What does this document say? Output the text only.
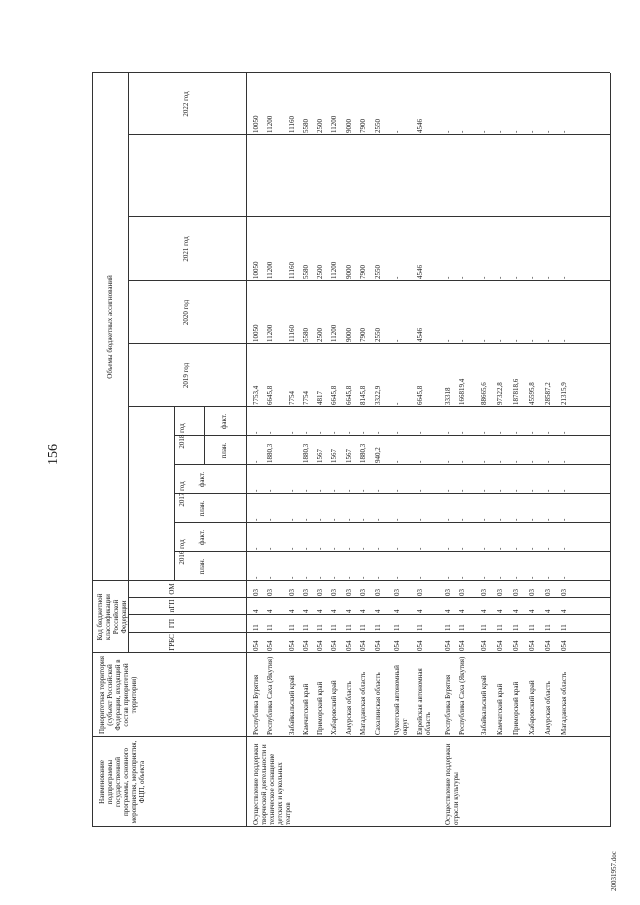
156
20031957.doc
Наименование подпрограммы государственной программы, основного мероприятия, мероприятия, ФЦП, объекта
Приоритетная территория (субъект Российской Федерации, входящий в состав приоритетной территории)
Код бюджетной классификации Российской Федерации
ГРБС
ГП
пГП
ОМ
Объемы бюджетных ассигнований
2016 год
2017 год
2018 год
2019 год
2020 год
2021 год
2022 год
план.
факт.
план.
факт.
план.
факт.
Республика Бурятия
054
11
4
03
-
-
-
-
-
-
7753,4
10050
10050
10050
Республика Саха (Якутия)
054
11
4
03
-
-
-
-
1880,3
-
6645,8
11200
11200
11200
Забайкальский край
054
11
4
03
-
-
-
-
-
7754
11160
11160
11160
Камчатский край
054
11
4
03
-
-
-
-
1880,3
-
7754
5580
5580
5580
Приморский край
054
11
4
03
-
-
-
-
1567
-
4817
2500
2500
2500
Хабаровский край
054
11
4
03
-
-
-
-
1567
-
6645,8
11200
11200
11200
Амурская область
054
11
4
03
-
-
-
-
1567
-
6645,8
9000
9000
9000
Магаданская область
054
11
4
03
-
-
-
-
1880,3
-
8145,8
7900
7900
7900
Сахалинская область
054
11
4
03
-
-
-
-
940,2
-
3322,9
2550
2550
2550
Чукотский автономный округ
054
11
4
03
-
-
-
-
-
-
-
-
-
-
Еврейская автономная область
054
11
4
03
-
-
-
-
-
-
6645,8
4546
4546
4546
Республика Бурятия
054
11
4
03
-
-
-
-
-
-
33318
-
-
-
Республика Саха (Якутия)
054
11
4
03
-
-
-
-
-
-
166819,4
-
-
-
Забайкальский край
054
11
4
03
-
-
-
-
-
-
88665,6
-
-
-
Камчатский край
054
11
4
03
-
-
-
-
-
-
97322,8
-
-
-
Приморский край
054
11
4
03
-
-
-
-
-
-
187818,6
-
-
-
Хабаровский край
054
11
4
03
-
-
-
-
-
-
45595,8
-
-
-
Амурская область
054
11
4
03
-
-
-
-
-
-
28587,2
-
-
-
Магаданская область
054
11
4
03
-
-
-
-
-
-
21315,9
-
-
-
Осуществление поддержки творческой деятельности и техническое оснащение детских и кукольных театров	Осуществление поддержки отрасли культуры
